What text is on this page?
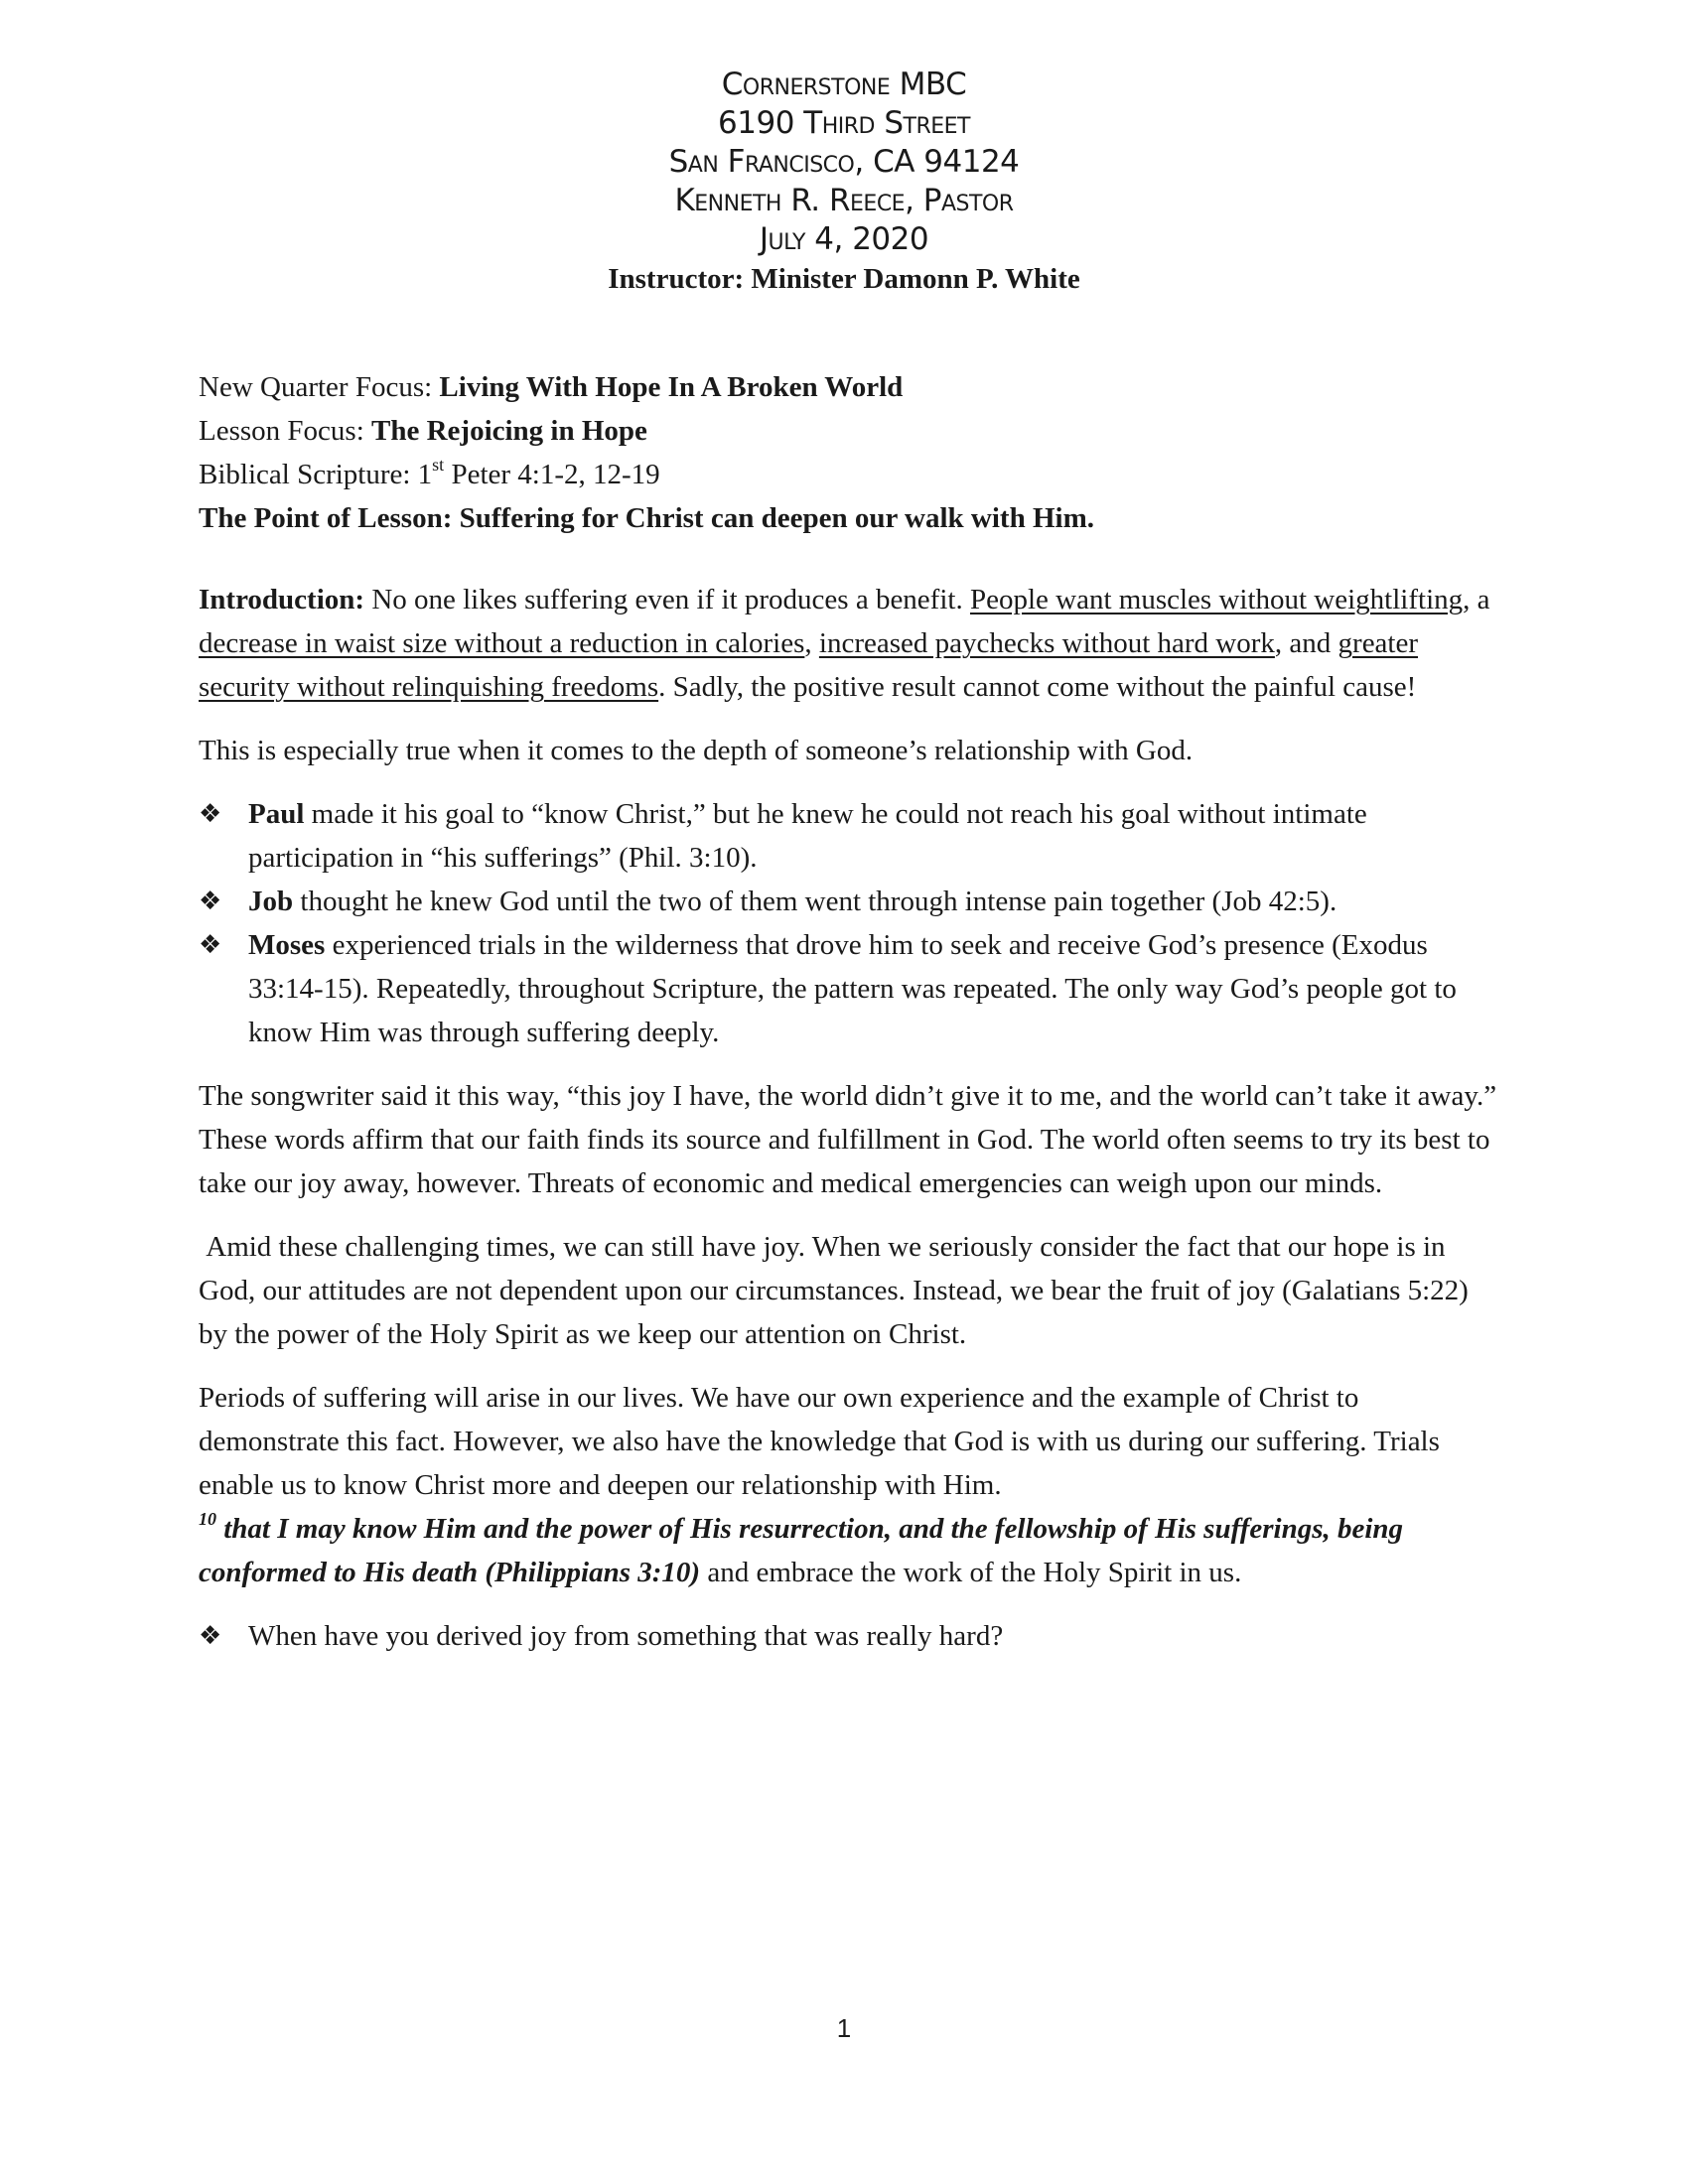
Cornerstone MBC
6190 Third Street
San Francisco, CA 94124
Kenneth R. Reece, Pastor
July 4, 2020
Instructor: Minister Damonn P. White

New Quarter Focus: Living With Hope In A Broken World

Lesson Focus: The Rejoicing in Hope

Biblical Scripture: 1st Peter 4:1-2, 12-19

The Point of Lesson: Suffering for Christ can deepen our walk with Him.

Introduction: No one likes suffering even if it produces a benefit. People want muscles without weightlifting, a decrease in waist size without a reduction in calories, increased paychecks without hard work, and greater security without relinquishing freedoms. Sadly, the positive result cannot come without the painful cause!

This is especially true when it comes to the depth of someone’s relationship with God.

❖ Paul made it his goal to “know Christ,” but he knew he could not reach his goal without intimate participation in “his sufferings” (Phil. 3:10).
❖ Job thought he knew God until the two of them went through intense pain together (Job 42:5).
❖ Moses experienced trials in the wilderness that drove him to seek and receive God’s presence (Exodus 33:14-15). Repeatedly, throughout Scripture, the pattern was repeated. The only way God’s people got to know Him was through suffering deeply.

The songwriter said it this way, “this joy I have, the world didn’t give it to me, and the world can’t take it away.” These words affirm that our faith finds its source and fulfillment in God. The world often seems to try its best to take our joy away, however. Threats of economic and medical emergencies can weigh upon our minds.

Amid these challenging times, we can still have joy. When we seriously consider the fact that our hope is in God, our attitudes are not dependent upon our circumstances. Instead, we bear the fruit of joy (Galatians 5:22) by the power of the Holy Spirit as we keep our attention on Christ.

Periods of suffering will arise in our lives. We have our own experience and the example of Christ to demonstrate this fact. However, we also have the knowledge that God is with us during our suffering. Trials enable us to know Christ more and deepen our relationship with Him.
$^{10}$ that I may know Him and the power of His resurrection, and the fellowship of His sufferings, being conformed to His death (Philippians 3:10) and embrace the work of the Holy Spirit in us.

❖ When have you derived joy from something that was really hard?
1
